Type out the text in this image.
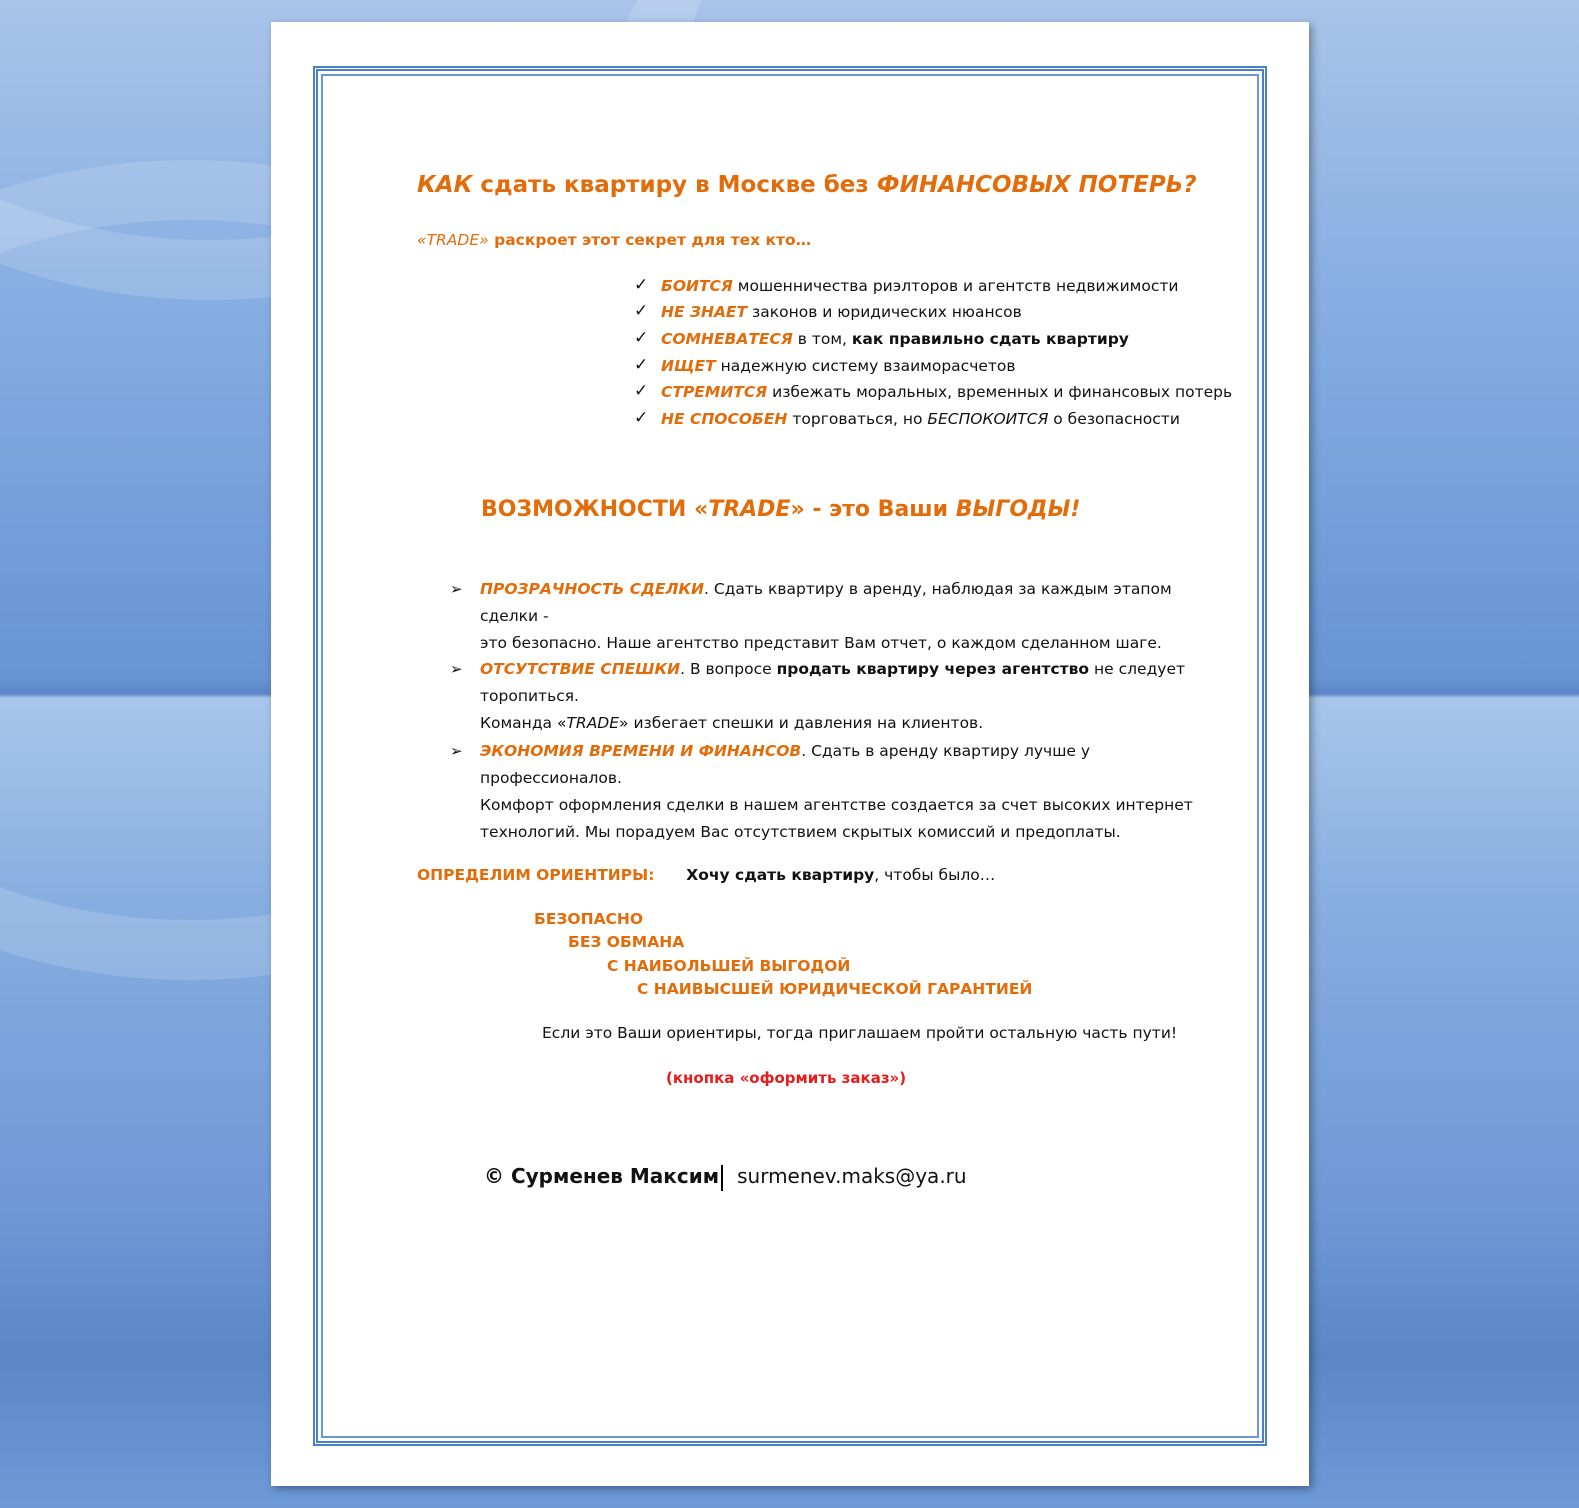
КАК сдать квартиру в Москве без ФИНАНСОВЫХ ПОТЕРЬ?
«TRADE» раскроет этот секрет для тех кто…
✓ БОИТСЯ мошенничества риэлторов и агентств недвижимости
✓ НЕ ЗНАЕТ законов и юридических нюансов
✓ СОМНЕВАТЕСЯ в том, как правильно сдать квартиру
✓ ИЩЕТ надежную систему взаиморасчетов
✓ СТРЕМИТСЯ избежать моральных, временных и финансовых потерь
✓ НЕ СПОСОБЕН торговаться, но БЕСПОКОИТСЯ о безопасности
ВОЗМОЖНОСТИ «TRADE» - это Ваши ВЫГОДЫ!
➢ ПРОЗРАЧНОСТЬ СДЕЛКИ. Сдать квартиру в аренду, наблюдая за каждым этапом сделки -
это безопасно. Наше агентство представит Вам отчет, о каждом сделанном шаге.
➢ ОТСУТСТВИЕ СПЕШКИ. В вопросе продать квартиру через агентство не следует торопиться.
Команда «TRADE» избегает спешки и давления на клиентов.
➢ ЭКОНОМИЯ ВРЕМЕНИ И ФИНАНСОВ. Сдать в аренду квартиру лучше у профессионалов.
Комфорт оформления сделки в нашем агентстве создается за счет высоких интернет
технологий. Мы порадуем Вас отсутствием скрытых комиссий и предоплаты.
ОПРЕДЕЛИМ ОРИЕНТИРЫ: Хочу сдать квартиру, чтобы было…
БЕЗОПАСНО
БЕЗ ОБМАНА
С НАИБОЛЬШЕЙ ВЫГОДОЙ
С НАИВЫСШЕЙ ЮРИДИЧЕСКОЙ ГАРАНТИЕЙ
Если это Ваши ориентиры, тогда приглашаем пройти остальную часть пути!
(кнопка «оформить заказ»)
© Сурменев Максим surmenev.maks@ya.ru
